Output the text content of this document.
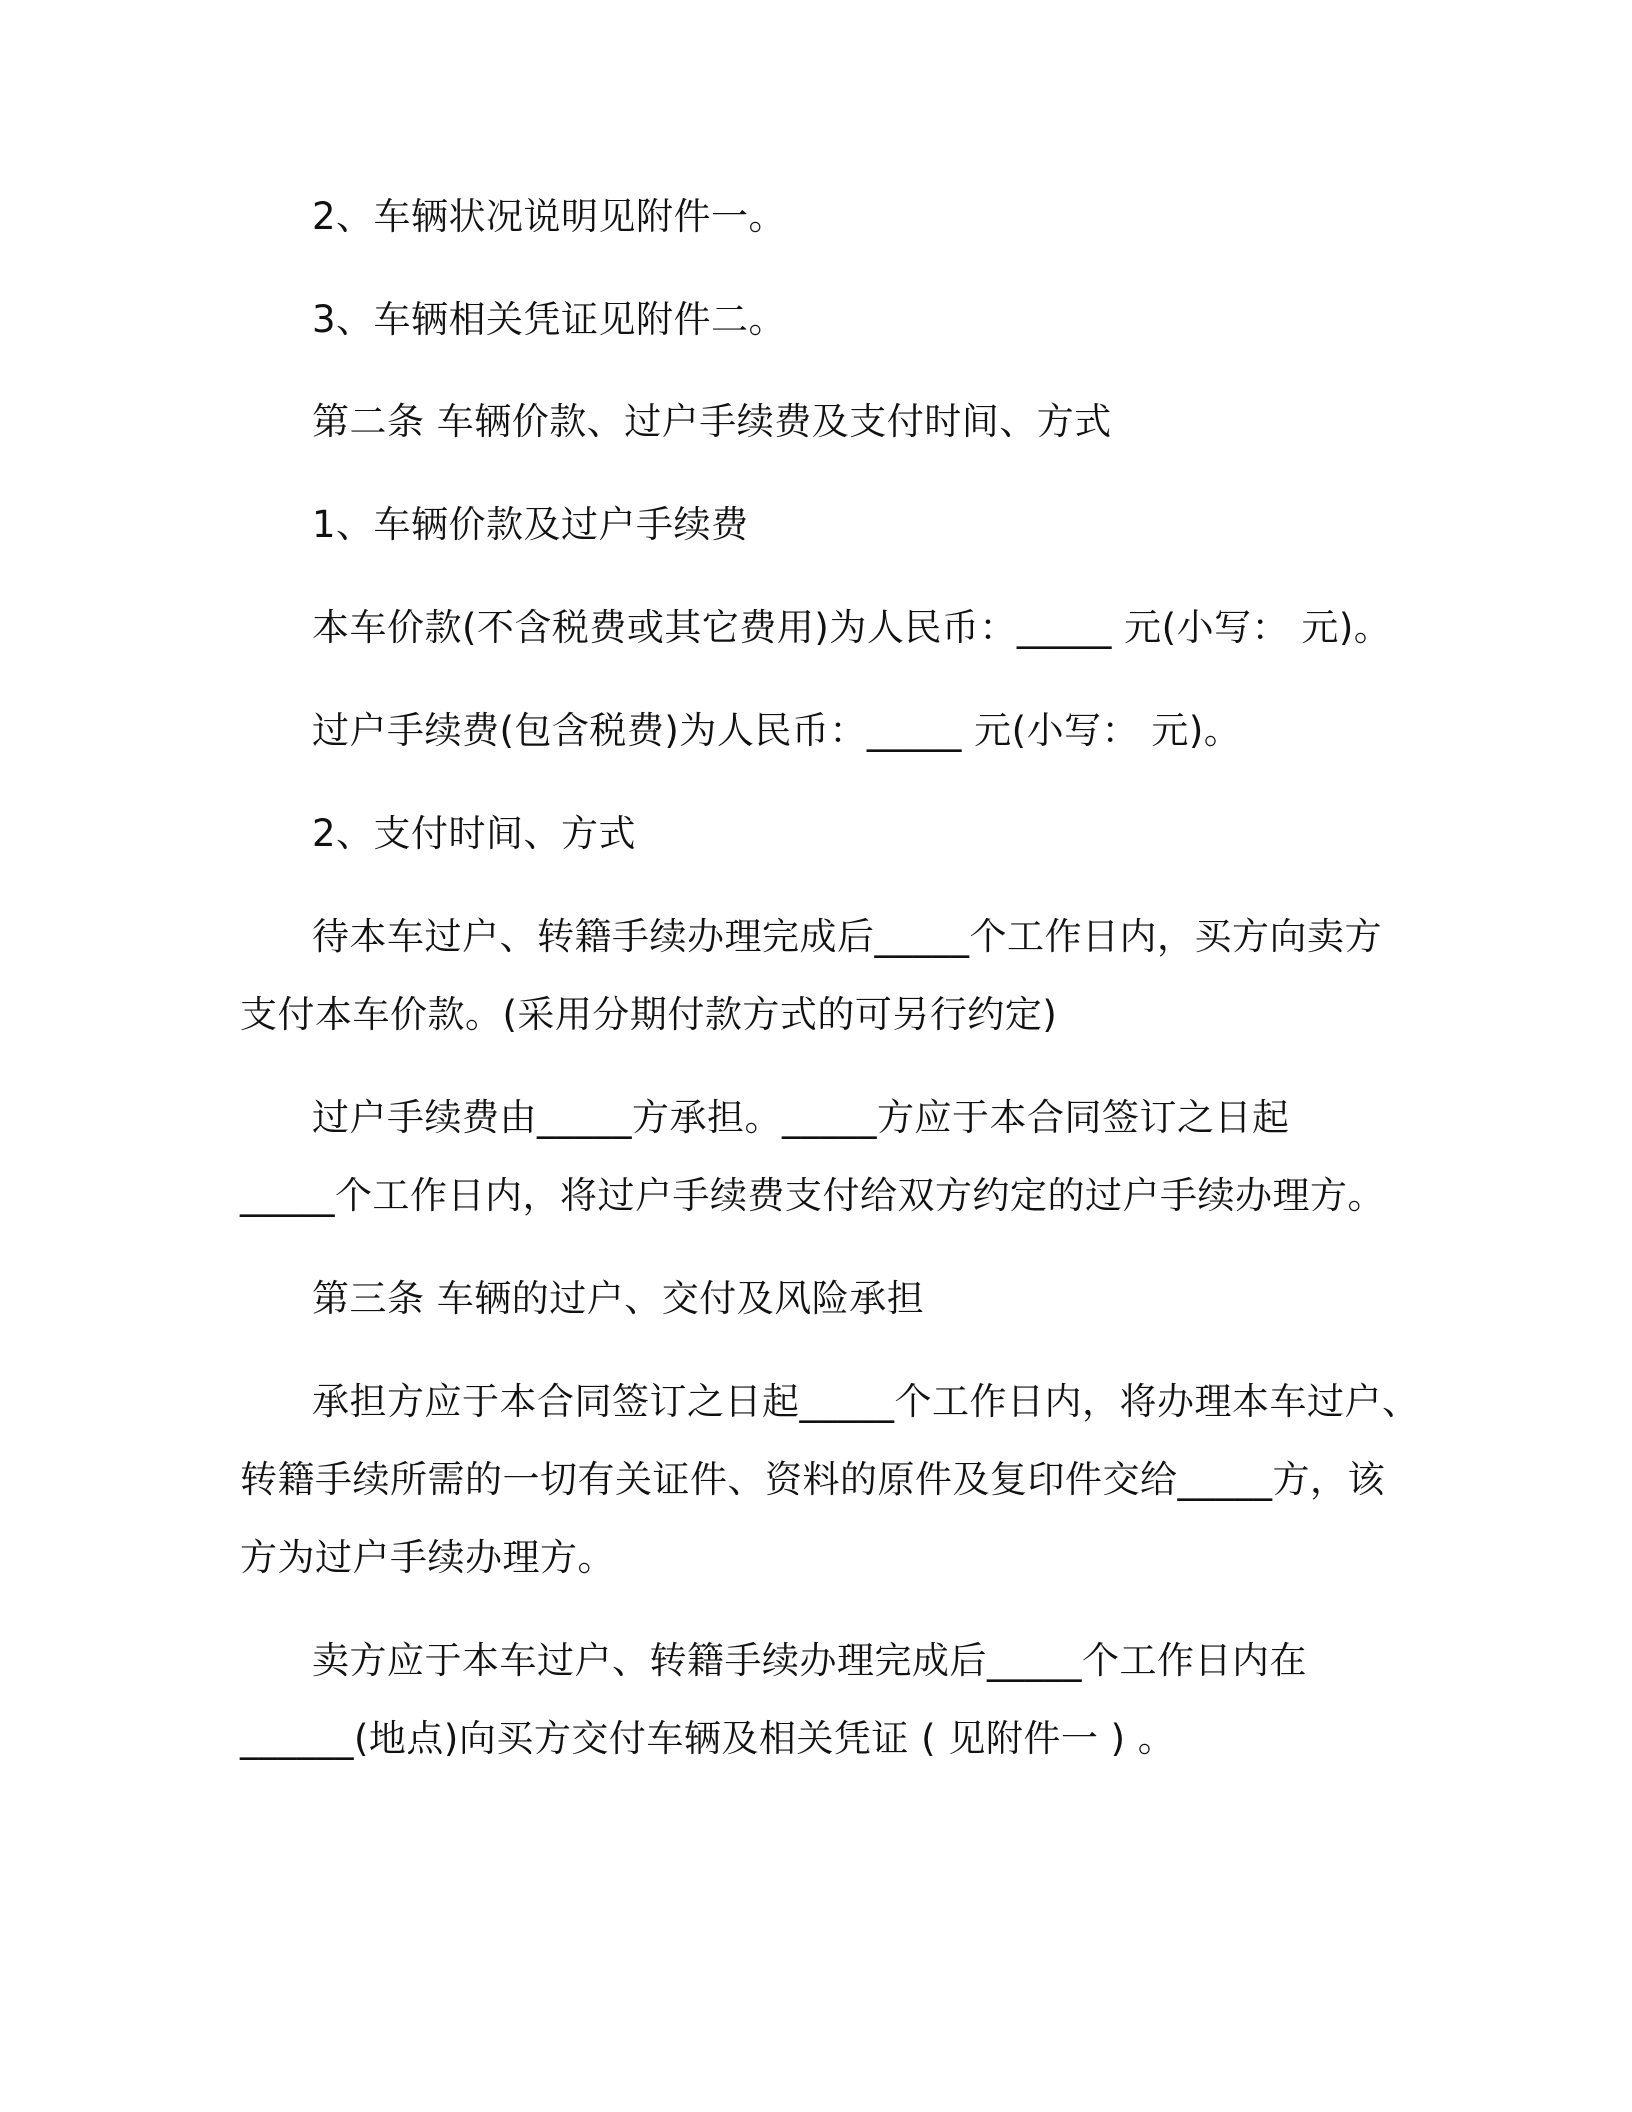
2、车辆状况说明见附件一。
3、车辆相关凭证见附件二。
第二条 车辆价款、过户手续费及支付时间、方式
1、车辆价款及过户手续费
本车价款(不含税费或其它费用)为人民币：_____ 元(小写： 元)。
过户手续费(包含税费)为人民币：_____ 元(小写： 元)。
2、支付时间、方式
待本车过户、转籍手续办理完成后_____个工作日内，买方向卖方
支付本车价款。(采用分期付款方式的可另行约定)
过户手续费由_____方承担。_____方应于本合同签订之日起
_____个工作日内，将过户手续费支付给双方约定的过户手续办理方。
第三条 车辆的过户、交付及风险承担
承担方应于本合同签订之日起_____个工作日内，将办理本车过户、
转籍手续所需的一切有关证件、资料的原件及复印件交给_____方，该
方为过户手续办理方。
卖方应于本车过户、转籍手续办理完成后_____个工作日内在
______(地点)向买方交付车辆及相关凭证 ( 见附件一 ) 。
